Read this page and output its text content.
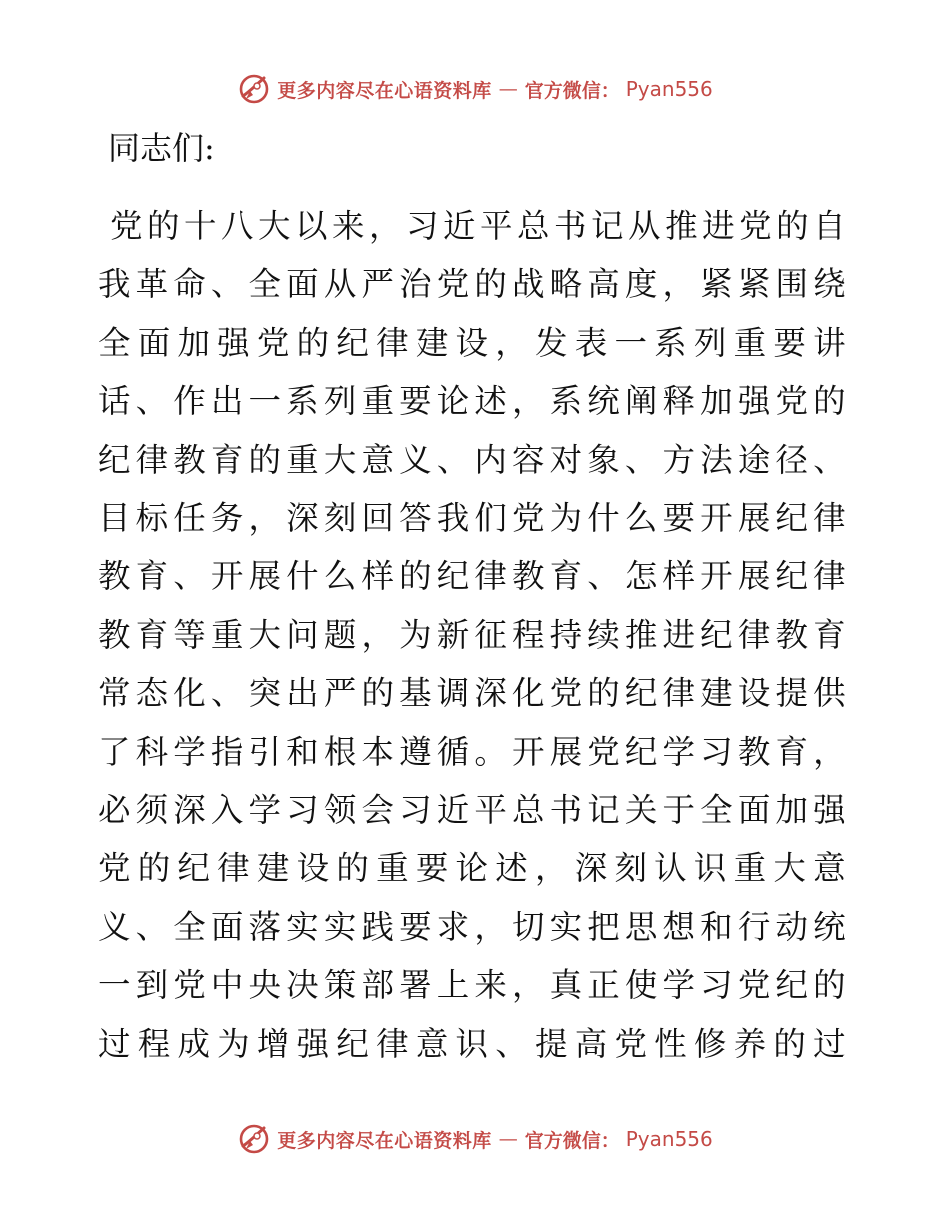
更多内容尽在心语资料库 — 官方微信： Pyan556

同志们:

党的十八大以来，习近平总书记从推进党的自我革命、全面从严治党的战略高度，紧紧围绕全面加强党的纪律建设，发表一系列重要讲话、作出一系列重要论述，系统阐释加强党的纪律教育的重大意义、内容对象、方法途径、目标任务，深刻回答我们党为什么要开展纪律教育、开展什么样的纪律教育、怎样开展纪律教育等重大问题，为新征程持续推进纪律教育常态化、突出严的基调深化党的纪律建设提供了科学指引和根本遵循。开展党纪学习教育，必须深入学习领会习近平总书记关于全面加强党的纪律建设的重要论述，深刻认识重大意义、全面落实实践要求，切实把思想和行动统一到党中央决策部署上来，真正使学习党纪的过程成为增强纪律意识、提高党性修养的过

更多内容尽在心语资料库 — 官方微信： Pyan556
